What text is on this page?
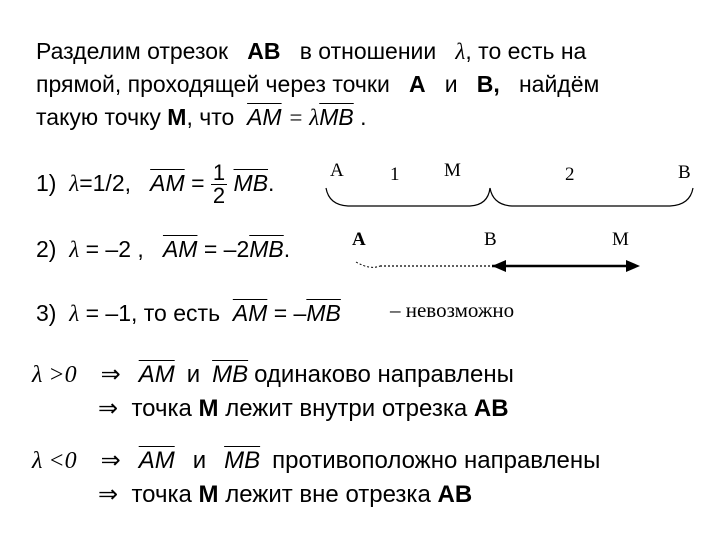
Разделим отрезок AB в отношении λ, то есть на
прямой, проходящей через точки A и B, найдём
такую точку M, что $\overline{AM} = \lambda\overline{MB}$ .
1) λ=1/2, $\overline{AM} = \frac{1}{2} \overline{MB}$.
2) λ = –2 , $\overline{AM} = -2\overline{MB}$.
3) λ = –1, то есть $\overline{AM} = -\overline{MB}$ – невозможно
A 1 M	2	B
A	B	M
λ >0 ⇒ $\overline{AM}$ и $\overline{MB}$ одинаково направлены
⇒ точка M лежит внутри отрезка AB
λ <0 ⇒ $\overline{AM}$ и $\overline{MB}$ противоположно направлены
⇒ точка M лежит вне отрезка AB
